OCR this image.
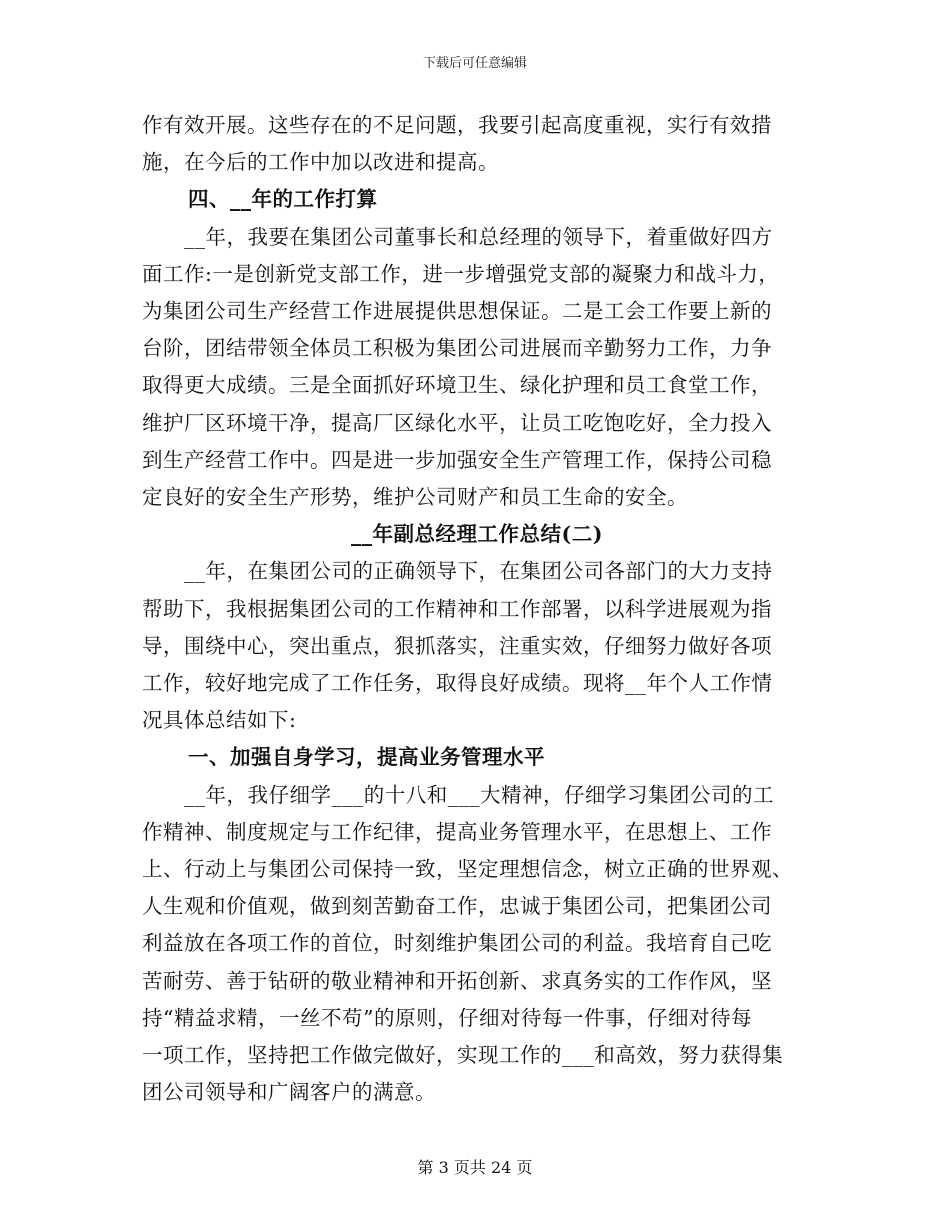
下载后可任意编辑

作有效开展。这些存在的不足问题，我要引起高度重视，实行有效措
施，在今后的工作中加以改进和提高。

四、__年的工作打算

　　__年，我要在集团公司董事长和总经理的领导下，着重做好四方
面工作:一是创新党支部工作，进一步增强党支部的凝聚力和战斗力，
为集团公司生产经营工作进展提供思想保证。二是工会工作要上新的
台阶，团结带领全体员工积极为集团公司进展而辛勤努力工作，力争
取得更大成绩。三是全面抓好环境卫生、绿化护理和员工食堂工作，
维护厂区环境干净，提高厂区绿化水平，让员工吃饱吃好，全力投入
到生产经营工作中。四是进一步加强安全生产管理工作，保持公司稳
定良好的安全生产形势，维护公司财产和员工生命的安全。

__年副总经理工作总结(二)

　　__年，在集团公司的正确领导下，在集团公司各部门的大力支持
帮助下，我根据集团公司的工作精神和工作部署，以科学进展观为指
导，围绕中心，突出重点，狠抓落实，注重实效，仔细努力做好各项
工作，较好地完成了工作任务，取得良好成绩。现将__年个人工作情
况具体总结如下:

一、加强自身学习，提高业务管理水平

　　__年，我仔细学___的十八和___大精神，仔细学习集团公司的工
作精神、制度规定与工作纪律，提高业务管理水平，在思想上、工作
上、行动上与集团公司保持一致，坚定理想信念，树立正确的世界观、
人生观和价值观，做到刻苦勤奋工作，忠诚于集团公司，把集团公司
利益放在各项工作的首位，时刻维护集团公司的利益。我培育自己吃
苦耐劳、善于钻研的敬业精神和开拓创新、求真务实的工作作风，坚
持“精益求精，一丝不苟”的原则，仔细对待每一件事，仔细对待每
一项工作，坚持把工作做完做好，实现工作的___和高效，努力获得集
团公司领导和广阔客户的满意。

第 3 页共 24 页
